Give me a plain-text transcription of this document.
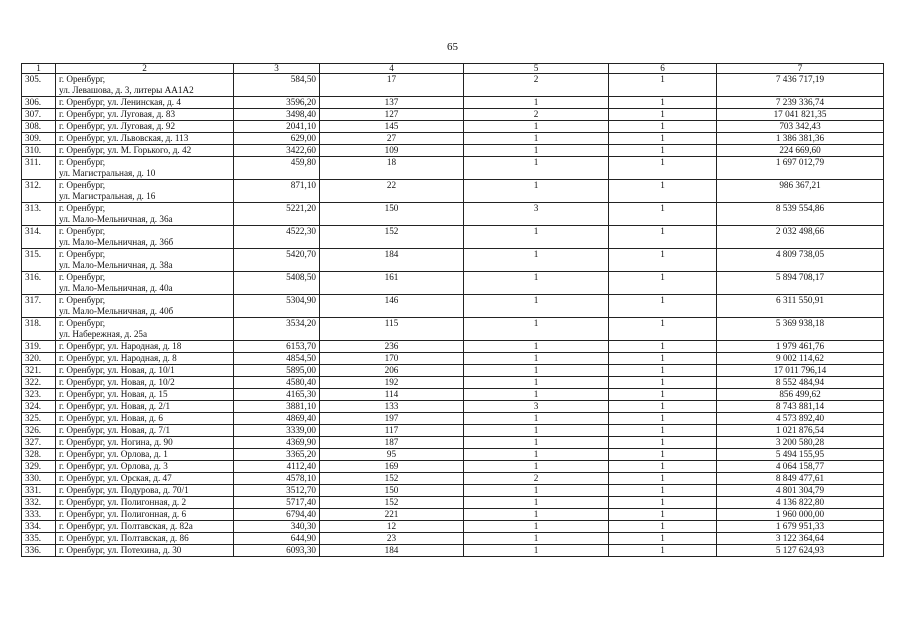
65
1	2	3	4	5	6	7
305.	г. Оренбург,
ул. Левашова, д. 3, литеры АА1А2	584,50	17	2	1	7 436 717,19
306.	г. Оренбург, ул. Ленинская, д. 4	3596,20	137	1	1	7 239 336,74
307.	г. Оренбург, ул. Луговая, д. 83	3498,40	127	2	1	17 041 821,35
308.	г. Оренбург, ул. Луговая, д. 92	2041,10	145	1	1	703 342,43
309.	г. Оренбург, ул. Львовская, д. 113	629,00	27	1	1	1 386 381,36
310.	г. Оренбург, ул. М. Горького, д. 42	3422,60	109	1	1	224 669,60
311.	г. Оренбург,
ул. Магистральная, д. 10	459,80	18	1	1	1 697 012,79
312.	г. Оренбург,
ул. Магистральная, д. 16	871,10	22	1	1	986 367,21
313.	г. Оренбург,
ул. Мало-Мельничная, д. 36а	5221,20	150	3	1	8 539 554,86
314.	г. Оренбург,
ул. Мало-Мельничная, д. 36б	4522,30	152	1	1	2 032 498,66
315.	г. Оренбург,
ул. Мало-Мельничная, д. 38а	5420,70	184	1	1	4 809 738,05
316.	г. Оренбург,
ул. Мало-Мельничная, д. 40а	5408,50	161	1	1	5 894 708,17
317.	г. Оренбург,
ул. Мало-Мельничная, д. 40б	5304,90	146	1	1	6 311 550,91
318.	г. Оренбург,
ул. Набережная, д. 25а	3534,20	115	1	1	5 369 938,18
319.	г. Оренбург, ул. Народная, д. 18	6153,70	236	1	1	1 979 461,76
320.	г. Оренбург, ул. Народная, д. 8	4854,50	170	1	1	9 002 114,62
321.	г. Оренбург, ул. Новая, д. 10/1	5895,00	206	1	1	17 011 796,14
322.	г. Оренбург, ул. Новая, д. 10/2	4580,40	192	1	1	8 552 484,94
323.	г. Оренбург, ул. Новая, д. 15	4165,30	114	1	1	856 499,62
324.	г. Оренбург, ул. Новая, д. 2/1	3881,10	133	3	1	8 743 881,14
325.	г. Оренбург, ул. Новая, д. 6	4869,40	197	1	1	4 573 892,40
326.	г. Оренбург, ул. Новая, д. 7/1	3339,00	117	1	1	1 021 876,54
327.	г. Оренбург, ул. Ногина, д. 90	4369,90	187	1	1	3 200 580,28
328.	г. Оренбург, ул. Орлова, д. 1	3365,20	95	1	1	5 494 155,95
329.	г. Оренбург, ул. Орлова, д. 3	4112,40	169	1	1	4 064 158,77
330.	г. Оренбург, ул. Орская, д. 47	4578,10	152	2	1	8 849 477,61
331.	г. Оренбург, ул. Подурова, д. 70/1	3512,70	150	1	1	4 801 304,79
332.	г. Оренбург, ул. Полигонная, д. 2	5717,40	152	1	1	4 136 822,80
333.	г. Оренбург, ул. Полигонная, д. 6	6794,40	221	1	1	1 960 000,00
334.	г. Оренбург, ул. Полтавская, д. 82а	340,30	12	1	1	1 679 951,33
335.	г. Оренбург, ул. Полтавская, д. 86	644,90	23	1	1	3 122 364,64
336.	г. Оренбург, ул. Потехина, д. 30	6093,30	184	1	1	5 127 624,93
